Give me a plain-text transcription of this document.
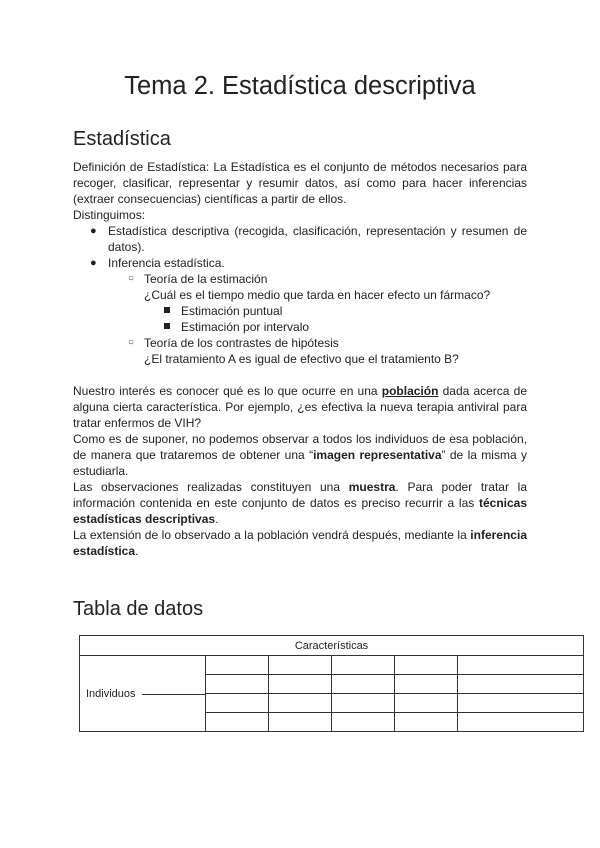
Tema 2. Estadística descriptiva
Estadística

Definición de Estadística: La Estadística es el conjunto de métodos necesarios para recoger, clasificar, representar y resumir datos, así como para hacer inferencias (extraer consecuencias) científicas a partir de ellos.

Distinguimos:

● Estadística descriptiva (recogida, clasificación, representación y resumen de datos).
● Inferencia estadística.
○ Teoría de la estimación
¿Cuál es el tiempo medio que tarda en hacer efecto un fármaco?
Estimación puntual
Estimación por intervalo
○ Teoría de los contrastes de hipótesis
¿El tratamiento A es igual de efectivo que el tratamiento B?

Nuestro interés es conocer qué es lo que ocurre en una población dada acerca de alguna cierta característica. Por ejemplo, ¿es efectiva la nueva terapia antiviral para tratar enfermos de VIH?

Como es de suponer, no podemos observar a todos los individuos de esa población, de manera que trataremos de obtener una “imagen representativa” de la misma y estudiarla.

Las observaciones realizadas constituyen una muestra. Para poder tratar la información contenida en este conjunto de datos es preciso recurrir a las técnicas estadísticas descriptivas.

La extensión de lo observado a la población vendrá después, mediante la inferencia estadística.

Tabla de datos
Características					

Individuos					
